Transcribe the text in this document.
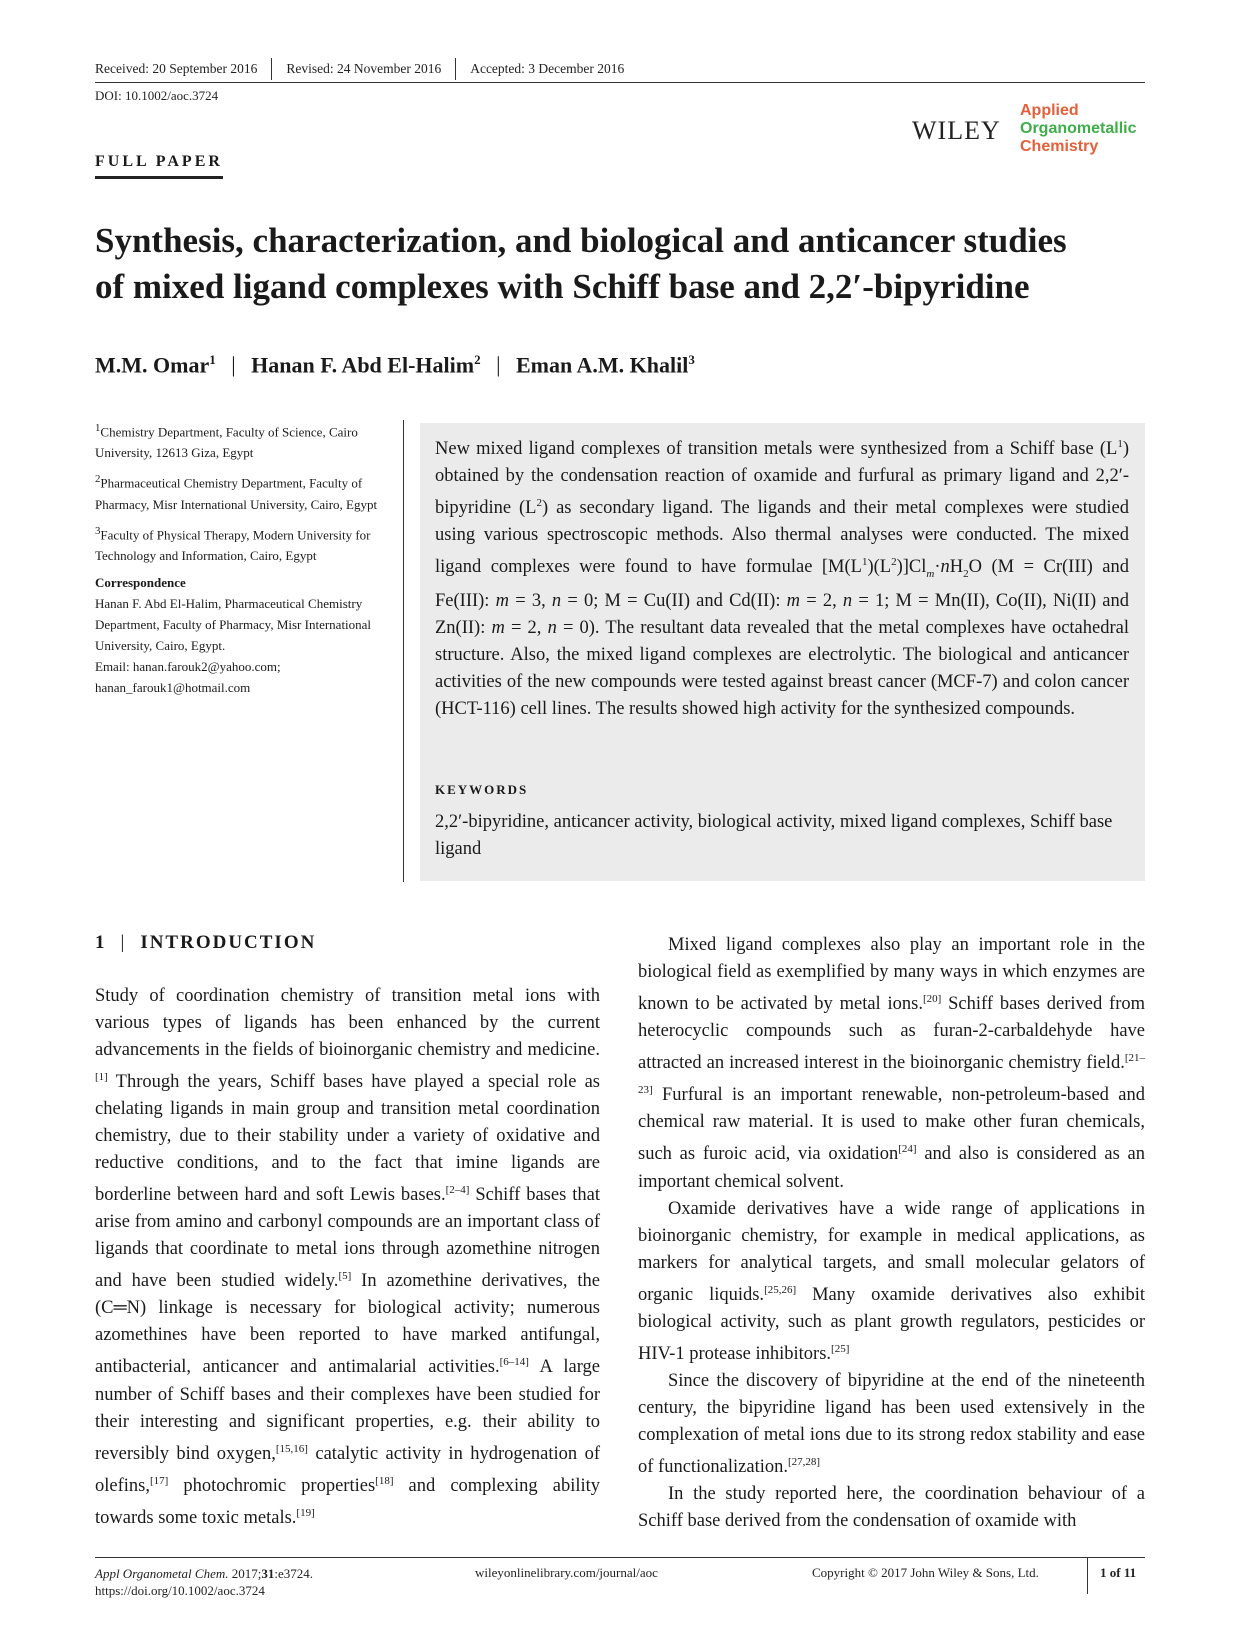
Received: 20 September 2016 Revised: 24 November 2016 Accepted: 3 December 2016
DOI: 10.1002/aoc.3724
WILEY
Applied
Organometallic
Chemistry
FULL PAPER
Synthesis, characterization, and biological and anticancer studies
of mixed ligand complexes with Schiff base and 2,2′-bipyridine
M.M. Omar$^1$ | Hanan F. Abd El-Halim$^2$ | Eman A.M. Khalil$^3$

$^1$Chemistry Department, Faculty of Science, Cairo University, 12613 Giza, Egypt

$^2$Pharmaceutical Chemistry Department, Faculty of Pharmacy, Misr International University, Cairo, Egypt

$^3$Faculty of Physical Therapy, Modern University for Technology and Information, Cairo, Egypt

Correspondence

Hanan F. Abd El-Halim, Pharmaceutical Chemistry Department, Faculty of Pharmacy, Misr International University, Cairo, Egypt.
Email: hanan.farouk2@yahoo.com;
hanan_farouk1@hotmail.com

New mixed ligand complexes of transition metals were synthesized from a Schiff base $(L^1)$ obtained by the condensation reaction of oxamide and furfural as primary ligand and 2,2′-bipyridine $(L^2)$ as secondary ligand. The ligands and their metal complexes were studied using various spectroscopic methods. Also thermal analyses were conducted. The mixed ligand complexes were found to have formulae $[M(L^1)(L^2)]Cl_m\cdot nH_2O$ (M = Cr(III) and Fe(III): m = 3, n = 0; M = Cu(II) and Cd(II): m = 2, n = 1; M = Mn(II), Co(II), Ni(II) and Zn(II): m = 2, n = 0). The resultant data revealed that the metal complexes have octahedral structure. Also, the mixed ligand complexes are electrolytic. The biological and anticancer activities of the new compounds were tested against breast cancer (MCF-7) and colon cancer (HCT-116) cell lines. The results showed high activity for the synthesized compounds.
KEYWORDS
2,2′-bipyridine, anticancer activity, biological activity, mixed ligand complexes, Schiff base ligand
1 | INTRODUCTION

Study of coordination chemistry of transition metal ions with various types of ligands has been enhanced by the current advancements in the fields of bioinorganic chemistry and medicine.[1] Through the years, Schiff bases have played a special role as chelating ligands in main group and transition metal coordination chemistry, due to their stability under a variety of oxidative and reductive conditions, and to the fact that imine ligands are borderline between hard and soft Lewis bases.[2–4] Schiff bases that arise from amino and carbonyl compounds are an important class of ligands that coordinate to metal ions through azomethine nitrogen and have been studied widely.[5] In azomethine derivatives, the (C═N) linkage is necessary for biological activity; numerous azomethines have been reported to have marked antifungal, antibacterial, anticancer and antimalarial activities.[6–14] A large number of Schiff bases and their complexes have been studied for their interesting and significant properties, e.g. their ability to reversibly bind oxygen,[15,16] catalytic activity in hydrogenation of olefins,[17] photochromic properties[18] and complexing ability towards some toxic metals.[19]

Mixed ligand complexes also play an important role in the biological field as exemplified by many ways in which enzymes are known to be activated by metal ions.[20] Schiff bases derived from heterocyclic compounds such as furan-2-carbaldehyde have attracted an increased interest in the bioinorganic chemistry field.[21–23] Furfural is an important renewable, non-petroleum-based and chemical raw material. It is used to make other furan chemicals, such as furoic acid, via oxidation[24] and also is considered as an important chemical solvent.

Oxamide derivatives have a wide range of applications in bioinorganic chemistry, for example in medical applications, as markers for analytical targets, and small molecular gelators of organic liquids.[25,26] Many oxamide derivatives also exhibit biological activity, such as plant growth regulators, pesticides or HIV-1 protease inhibitors.[25]

Since the discovery of bipyridine at the end of the nineteenth century, the bipyridine ligand has been used extensively in the complexation of metal ions due to its strong redox stability and ease of functionalization.[27,28]

In the study reported here, the coordination behaviour of a Schiff base derived from the condensation of oxamide with

Appl Organometal Chem. 2017;31:e3724.
https://doi.org/10.1002/aoc.3724
wileyonlinelibrary.com/journal/aoc	Copyright © 2017 John Wiley & Sons, Ltd.	1 of 11
